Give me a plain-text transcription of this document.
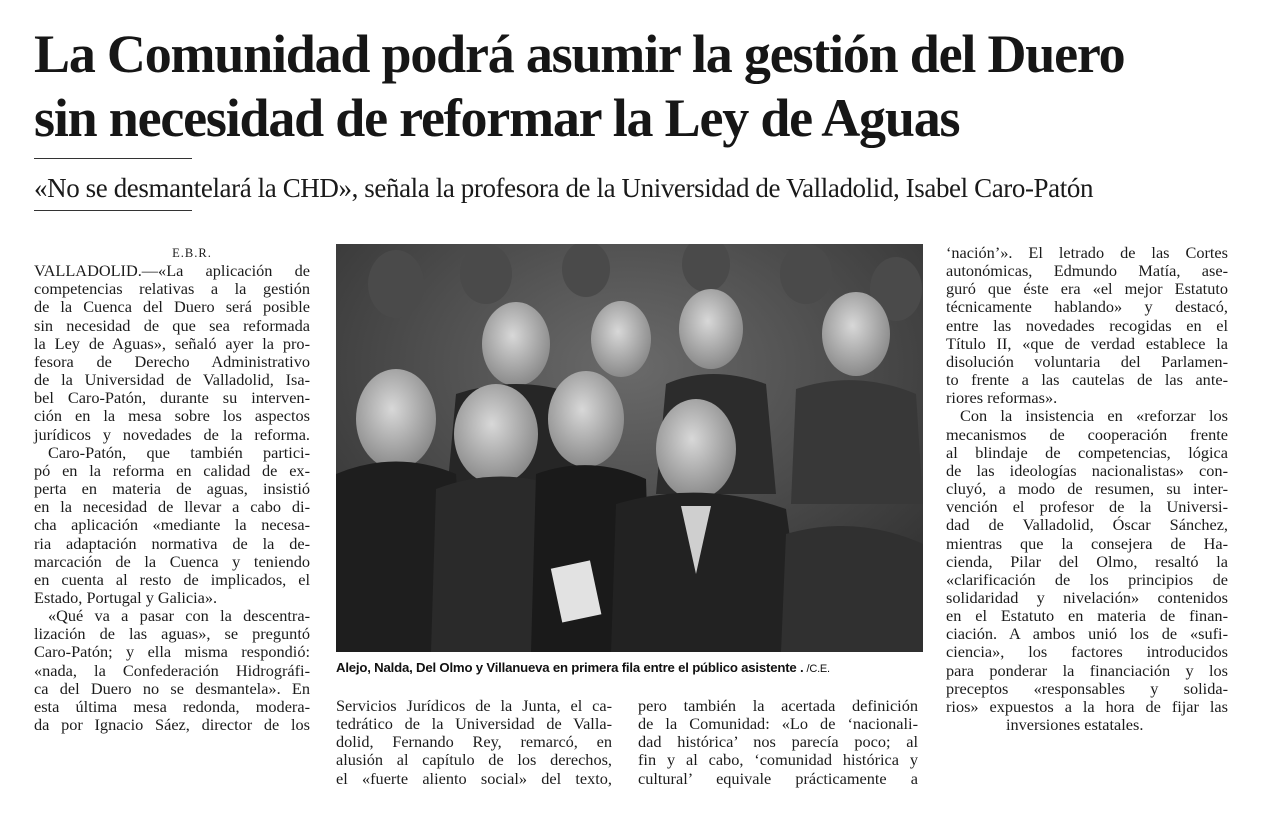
La Comunidad podrá asumir la gestión del Duero
sin necesidad de reformar la Ley de Aguas

«No se desmantelará la CHD», señala la profesora de la Universidad de Valladolid, Isabel Caro-Patón

E.B.R.
VALLADOLID.—«La aplicación de
competencias relativas a la gestión
de la Cuenca del Duero será posible
sin necesidad de que sea reformada
la Ley de Aguas», señaló ayer la pro-
fesora de Derecho Administrativo
de la Universidad de Valladolid, Isa-
bel Caro-Patón, durante su interven-
ción en la mesa sobre los aspectos
jurídicos y novedades de la reforma.
Caro-Patón, que también partici-
pó en la reforma en calidad de ex-
perta en materia de aguas, insistió
en la necesidad de llevar a cabo di-
cha aplicación «mediante la necesa-
ria adaptación normativa de la de-
marcación de la Cuenca y teniendo
en cuenta al resto de implicados, el
Estado, Portugal y Galicia».
«Qué va a pasar con la descentra-
lización de las aguas», se preguntó
Caro-Patón; y ella misma respondió:
«nada, la Confederación Hidrográfi-
ca del Duero no se desmantela». En
esta última mesa redonda, modera-
da por Ignacio Sáez, director de los
Alejo, Nalda, Del Olmo y Villanueva en primera fila entre el público asistente . /C.E.
Servicios Jurídicos de la Junta, el ca-
tedrático de la Universidad de Valla-
dolid, Fernando Rey, remarcó, en
alusión al capítulo de los derechos,
el «fuerte aliento social» del texto,
pero también la acertada definición
de la Comunidad: «Lo de ‘nacionali-
dad histórica’ nos parecía poco; al
fin y al cabo, ‘comunidad histórica y
cultural’ equivale prácticamente a
‘nación’». El letrado de las Cortes
autonómicas, Edmundo Matía, ase-
guró que éste era «el mejor Estatuto
técnicamente hablando» y destacó,
entre las novedades recogidas en el
Título II, «que de verdad establece la
disolución voluntaria del Parlamen-
to frente a las cautelas de las ante-
riores reformas».
Con la insistencia en «reforzar los
mecanismos de cooperación frente
al blindaje de competencias, lógica
de las ideologías nacionalistas» con-
cluyó, a modo de resumen, su inter-
vención el profesor de la Universi-
dad de Valladolid, Óscar Sánchez,
mientras que la consejera de Ha-
cienda, Pilar del Olmo, resaltó la
«clarificación de los principios de
solidaridad y nivelación» contenidos
en el Estatuto en materia de finan-
ciación. A ambos unió los de «sufi-
ciencia», los factores introducidos
para ponderar la financiación y los
preceptos «responsables y solida-
rios» expuestos a la hora de fijar las
inversiones estatales.
